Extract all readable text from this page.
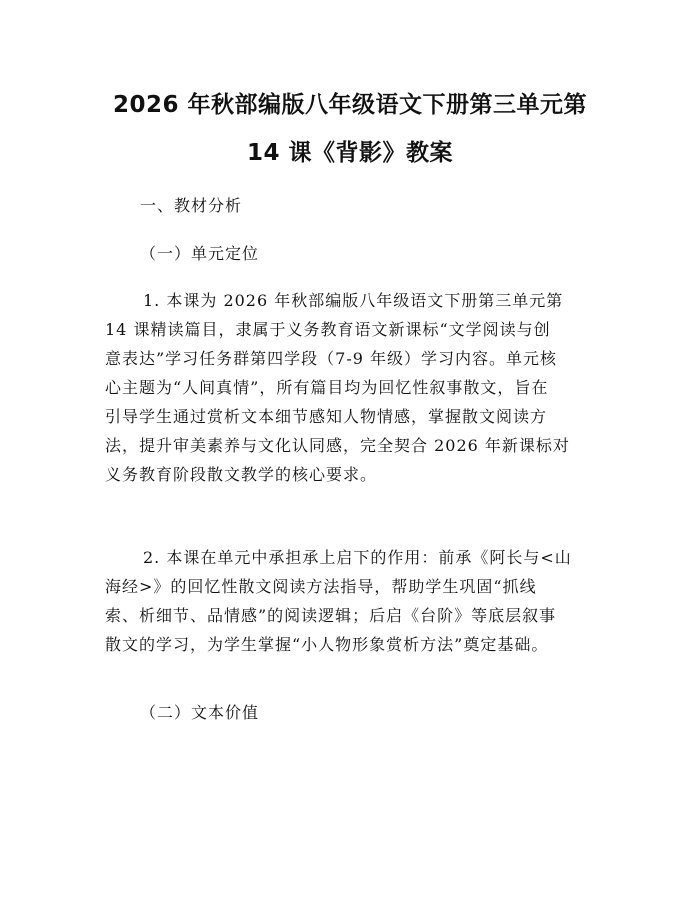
2026 年秋部编版八年级语文下册第三单元第
14 课《背影》教案
一、教材分析
（一）单元定位
1. 本课为 2026 年秋部编版八年级语文下册第三单元第
14 课精读篇目，隶属于义务教育语文新课标“文学阅读与创
意表达”学习任务群第四学段（7-9 年级）学习内容。单元核
心主题为“人间真情”，所有篇目均为回忆性叙事散文，旨在
引导学生通过赏析文本细节感知人物情感，掌握散文阅读方
法，提升审美素养与文化认同感，完全契合 2026 年新课标对
义务教育阶段散文教学的核心要求。
2. 本课在单元中承担承上启下的作用：前承《阿长与<山
海经>》的回忆性散文阅读方法指导，帮助学生巩固“抓线
索、析细节、品情感”的阅读逻辑；后启《台阶》等底层叙事
散文的学习，为学生掌握“小人物形象赏析方法”奠定基础。
（二）文本价值
